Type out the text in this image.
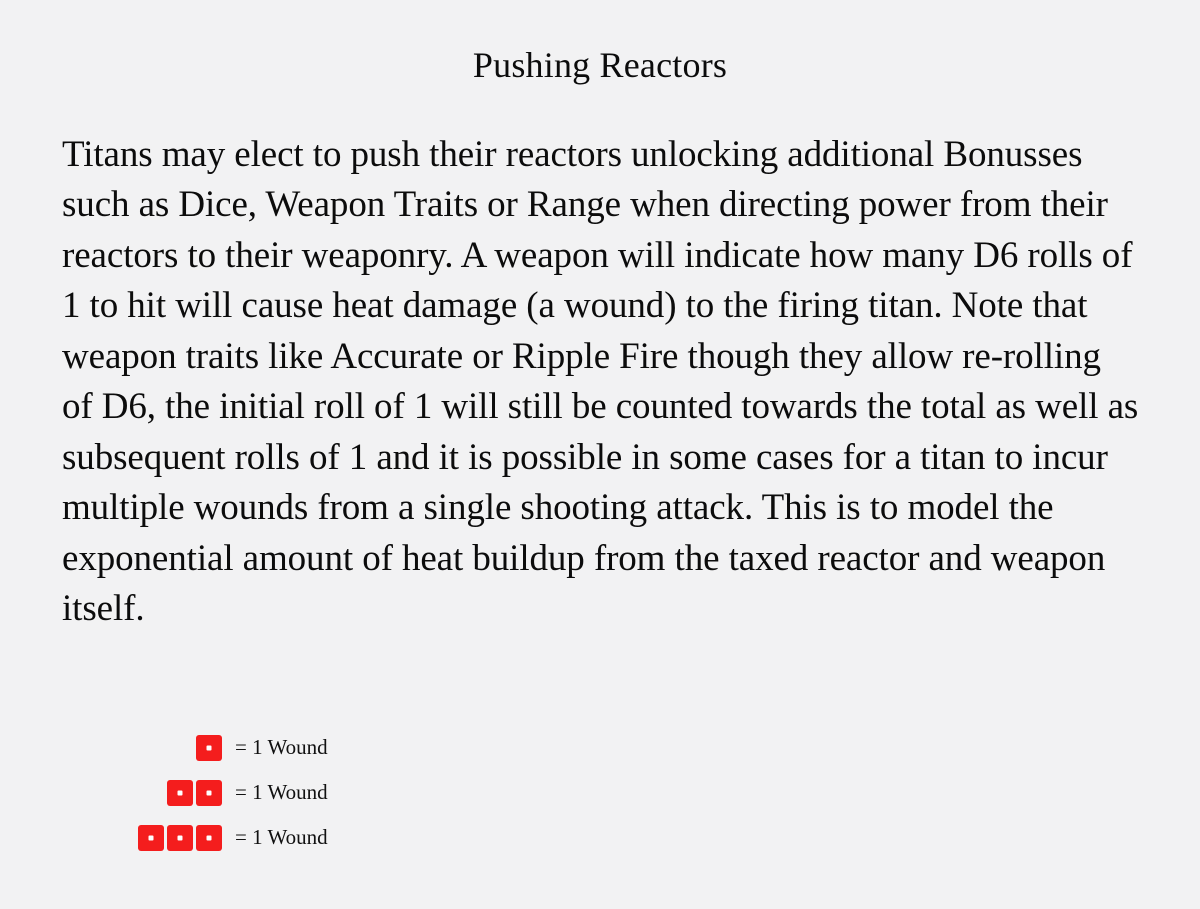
Pushing Reactors

Titans may elect to push their reactors unlocking additional Bonusses such as Dice, Weapon Traits or Range when directing power from their reactors to their weaponry. A weapon will indicate how many D6 rolls of 1 to hit will cause heat damage (a wound) to the firing titan. Note that weapon traits like Accurate or Ripple Fire though they allow re-rolling of D6, the initial roll of 1 will still be counted towards the total as well as subsequent rolls of 1 and it is possible in some cases for a titan to incur multiple wounds from a single shooting attack. This is to model the exponential amount of heat buildup from the taxed reactor and weapon itself.

= 1 Wound
= 1 Wound
= 1 Wound
